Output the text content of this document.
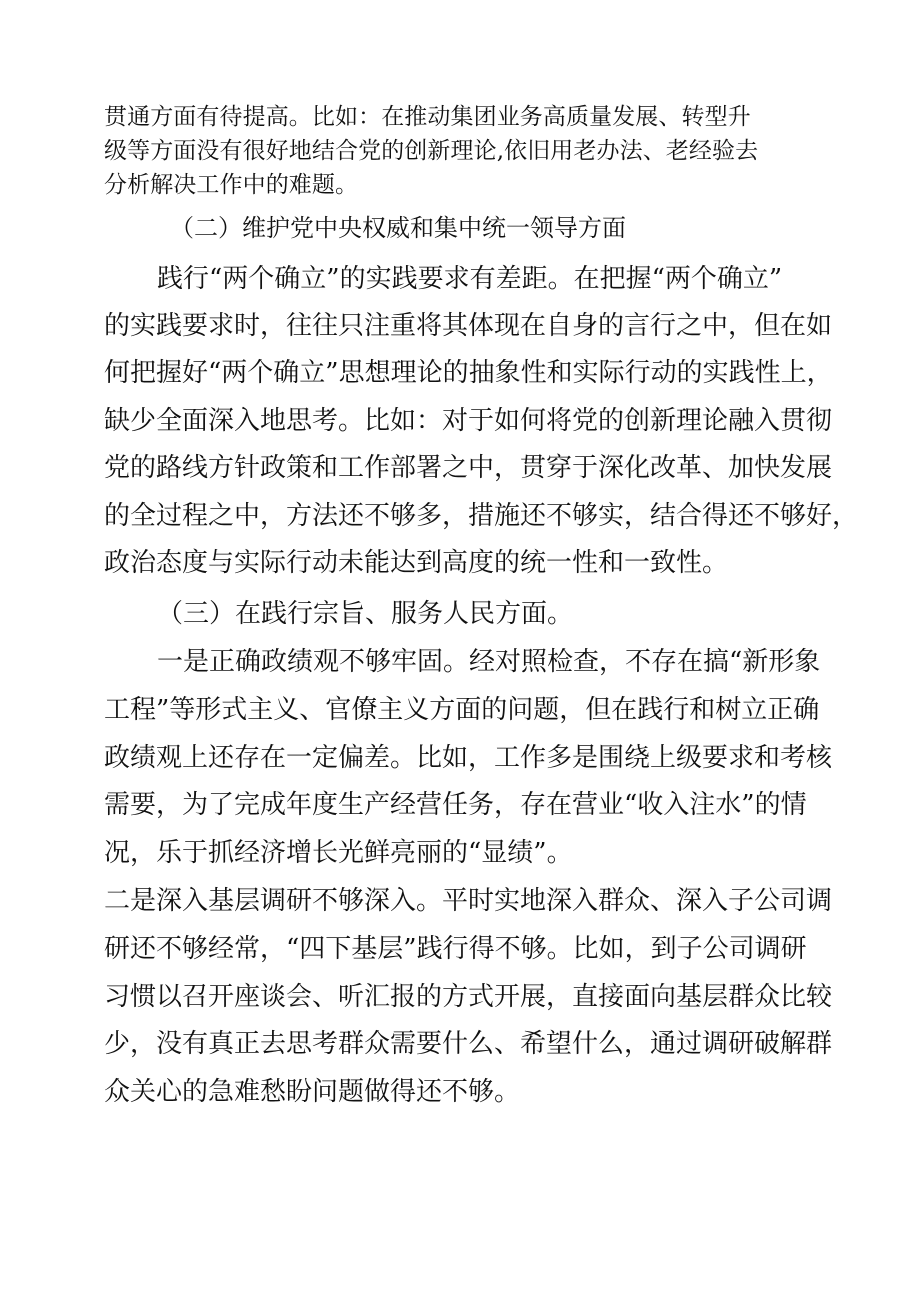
贯通方面有待提高。比如：在推动集团业务高质量发展、转型升

级等方面没有很好地结合党的创新理论,依旧用老办法、老经验去

分析解决工作中的难题。

（二）维护党中央权威和集中统一领导方面

践行“两个确立”的实践要求有差距。在把握“两个确立”

的实践要求时，往往只注重将其体现在自身的言行之中，但在如

何把握好“两个确立”思想理论的抽象性和实际行动的实践性上，

缺少全面深入地思考。比如：对于如何将党的创新理论融入贯彻

党的路线方针政策和工作部署之中，贯穿于深化改革、加快发展

的全过程之中，方法还不够多，措施还不够实，结合得还不够好，

政治态度与实际行动未能达到高度的统一性和一致性。

（三）在践行宗旨、服务人民方面。

一是正确政绩观不够牢固。经对照检查，不存在搞“新形象

工程”等形式主义、官僚主义方面的问题，但在践行和树立正确

政绩观上还存在一定偏差。比如，工作多是围绕上级要求和考核

需要，为了完成年度生产经营任务，存在营业“收入注水”的情

况，乐于抓经济增长光鲜亮丽的“显绩”。

二是深入基层调研不够深入。平时实地深入群众、深入子公司调

研还不够经常，“四下基层”践行得不够。比如，到子公司调研

习惯以召开座谈会、听汇报的方式开展，直接面向基层群众比较

少，没有真正去思考群众需要什么、希望什么，通过调研破解群

众关心的急难愁盼问题做得还不够。
